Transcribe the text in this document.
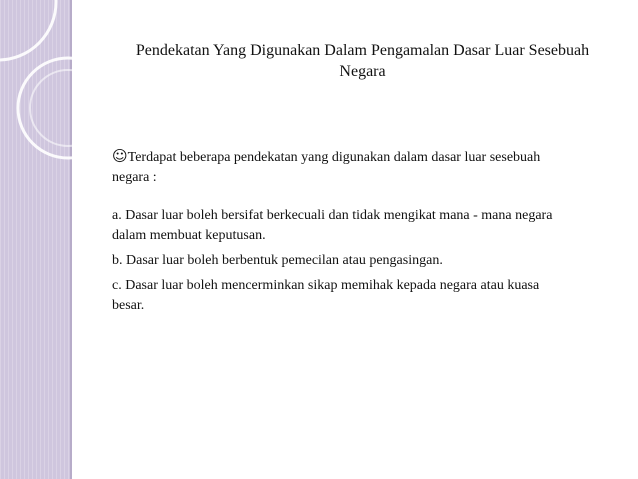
Pendekatan Yang Digunakan Dalam Pengamalan Dasar Luar Sesebuah
Negara

☺Terdapat beberapa pendekatan yang digunakan dalam dasar luar sesebuah
negara :

a. Dasar luar boleh bersifat berkecuali dan tidak mengikat mana - mana negara
dalam membuat keputusan.

b. Dasar luar boleh berbentuk pemecilan atau pengasingan.

c. Dasar luar boleh mencerminkan sikap memihak kepada negara atau kuasa
besar.
